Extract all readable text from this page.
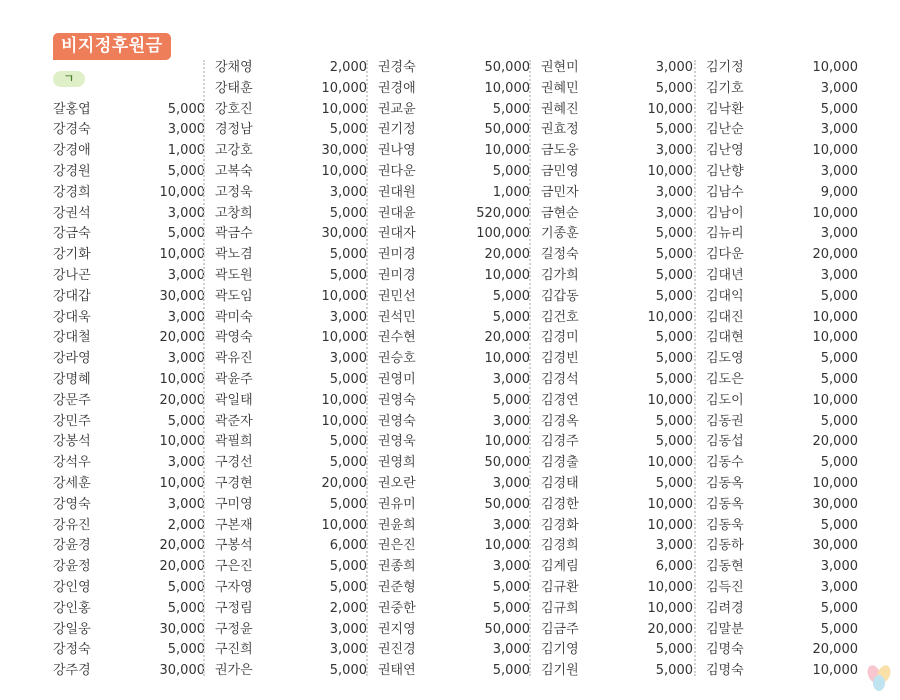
비지정후원금
ㄱ
갈홍엽	5,000
강경숙	3,000
강경애	1,000
강경원	5,000
강경희	10,000
강권석	3,000
강금숙	5,000
강기화	10,000
강나곤	3,000
강대갑	30,000
강대욱	3,000
강대철	20,000
강라영	3,000
강명혜	10,000
강문주	20,000
강민주	5,000
강봉석	10,000
강석우	3,000
강세훈	10,000
강영숙	3,000
강유진	2,000
강윤경	20,000
강윤정	20,000
강인영	5,000
강인홍	5,000
강일웅	30,000
강정숙	5,000
강주경	30,000
강채영	2,000
강태훈	10,000
강호진	10,000
경정남	5,000
고강호	30,000
고복숙	10,000
고정욱	3,000
고창희	5,000
곽금수	30,000
곽노겸	5,000
곽도원	5,000
곽도임	10,000
곽미숙	3,000
곽영숙	10,000
곽유진	3,000
곽윤주	5,000
곽일태	10,000
곽준자	10,000
곽필희	5,000
구경선	5,000
구경현	20,000
구미영	5,000
구본재	10,000
구봉석	6,000
구은진	5,000
구자영	5,000
구정림	2,000
구정윤	3,000
구진희	3,000
권가은	5,000
권경숙	50,000
권경애	10,000
권교윤	5,000
권기정	50,000
권나영	10,000
권다운	5,000
권대원	1,000
권대윤	520,000
권대자	100,000
권미경	20,000
권미경	10,000
권민선	5,000
권석민	5,000
권수현	20,000
권승호	10,000
권영미	3,000
권영숙	5,000
권영숙	3,000
권영욱	10,000
권영희	50,000
권오란	3,000
권유미	50,000
권윤희	3,000
권은진	10,000
권종희	3,000
권준형	5,000
권중한	5,000
권지영	50,000
권진경	3,000
권태연	5,000
권현미	3,000
권혜민	5,000
권혜진	10,000
권효정	5,000
금도웅	3,000
금민영	10,000
금민자	3,000
금현순	3,000
기종훈	5,000
길정숙	5,000
김가희	5,000
김갑동	5,000
김건호	10,000
김경미	5,000
김경빈	5,000
김경석	5,000
김경연	10,000
김경옥	5,000
김경주	5,000
김경출	10,000
김경태	5,000
김경한	10,000
김경화	10,000
김경희	3,000
김계림	6,000
김규환	10,000
김규희	10,000
김금주	20,000
김기영	5,000
김기원	5,000
김기정	10,000
김기호	3,000
김낙환	5,000
김난순	3,000
김난영	10,000
김난향	3,000
김남수	9,000
김남이	10,000
김뉴리	3,000
김다운	20,000
김대년	3,000
김대익	5,000
김대진	10,000
김대현	10,000
김도영	5,000
김도은	5,000
김도이	10,000
김동권	5,000
김동섭	20,000
김동수	5,000
김동옥	10,000
김동옥	30,000
김동욱	5,000
김동하	30,000
김동현	3,000
김득진	3,000
김려경	5,000
김말분	5,000
김명숙	20,000
김명숙	10,000
